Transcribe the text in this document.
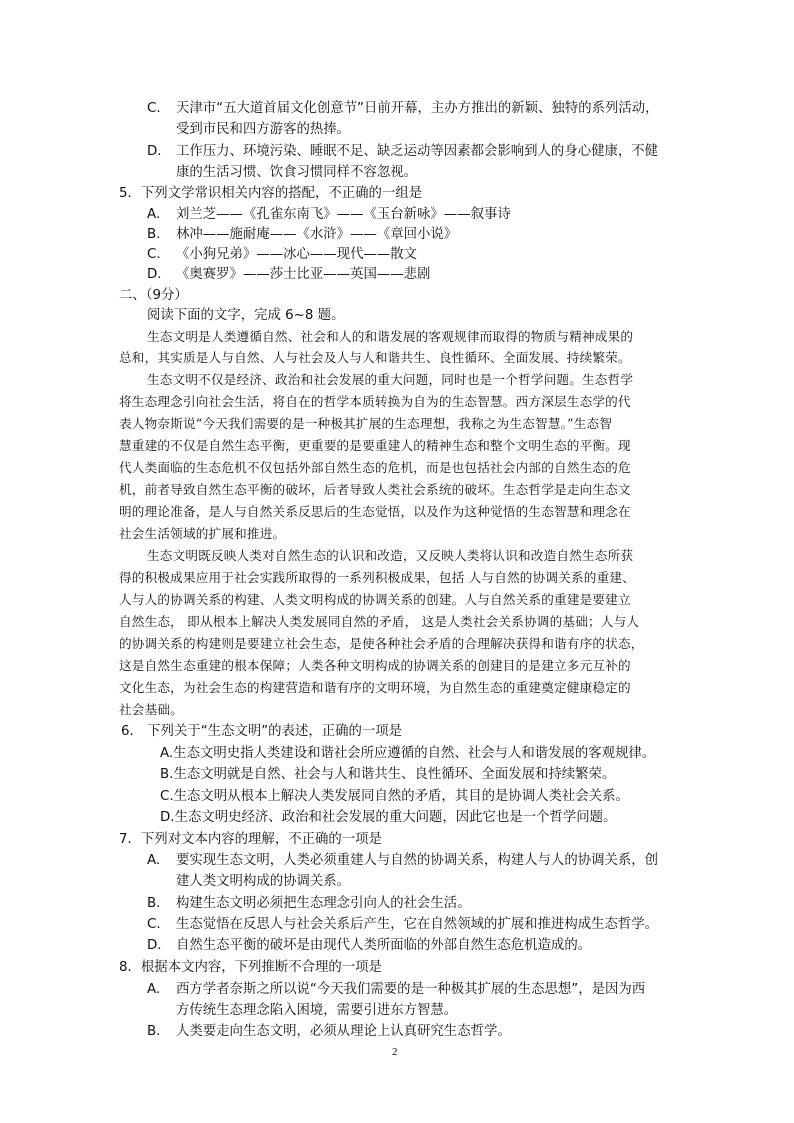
C. 天津市“五大道首届文化创意节”日前开幕，主办方推出的新颖、独特的系列活动，
受到市民和四方游客的热捧。
D. 工作压力、环境污染、睡眠不足、缺乏运动等因素都会影响到人的身心健康，不健
康的生活习惯、饮食习惯同样不容忽视。
5．下列文学常识相关内容的搭配，不正确的一组是
A. 刘兰芝——《孔雀东南飞》——《玉台新咏》——叙事诗
B. 林冲——施耐庵——《水浒》——《章回小说》
C. 《小狗兄弟》——冰心——现代——散文
D. 《奥赛罗》——莎士比亚——英国——悲剧
二、（9分）
阅读下面的文字，完成 6~8 题。
生态文明是人类遵循自然、社会和人的和谐发展的客观规律而取得的物质与精神成果的
总和，其实质是人与自然、人与社会及人与人和谐共生、良性循环、全面发展、持续繁荣。
生态文明不仅是经济、政治和社会发展的重大问题，同时也是一个哲学问题。生态哲学
将生态理念引向社会生活，将自在的哲学本质转换为自为的生态智慧。西方深层生态学的代
表人物奈斯说“今天我们需要的是一种极其扩展的生态理想，我称之为生态智慧。”生态智
慧重建的不仅是自然生态平衡，更重要的是要重建人的精神生态和整个文明生态的平衡。现
代人类面临的生态危机不仅包括外部自然生态的危机，而是也包括社会内部的自然生态的危
机，前者导致自然生态平衡的破坏，后者导致人类社会系统的破坏。生态哲学是走向生态文
明的理论准备，是人与自然关系反思后的生态觉悟，以及作为这种觉悟的生态智慧和理念在
社会生活领域的扩展和推进。
生态文明既反映人类对自然生态的认识和改造，又反映人类将认识和改造自然生态所获
得的积极成果应用于社会实践所取得的一系列积极成果，包括 人与自然的协调关系的重建、
人与人的协调关系的构建、人类文明构成的协调关系的创建。人与自然关系的重建是要建立
自然生态， 即从根本上解决人类发展同自然的矛盾， 这是人类社会关系协调的基础；人与人
的协调关系的构建则是要建立社会生态，是使各种社会矛盾的合理解决获得和谐有序的状态，
这是自然生态重建的根本保障；人类各种文明构成的协调关系的创建目的是建立多元互补的
文化生态，为社会生态的构建营造和谐有序的文明环境，为自然生态的重建奠定健康稳定的
社会基础。
6． 下列关于“生态文明”的表述，正确的一项是
A.生态文明史指人类建设和谐社会所应遵循的自然、社会与人和谐发展的客观规律。
B.生态文明就是自然、社会与人和谐共生、良性循环、全面发展和持续繁荣。
C.生态文明从根本上解决人类发展同自然的矛盾，其目的是协调人类社会关系。
D.生态文明史经济、政治和社会发展的重大问题，因此它也是一个哲学问题。
7．下列对文本内容的理解，不正确的一项是
A. 要实现生态文明，人类必须重建人与自然的协调关系，构建人与人的协调关系，创
建人类文明构成的协调关系。
B. 构建生态文明必须把生态理念引向人的社会生活。
C. 生态觉悟在反思人与社会关系后产生，它在自然领域的扩展和推进构成生态哲学。
D. 自然生态平衡的破坏是由现代人类所面临的外部自然生态危机造成的。
8．根据本文内容，下列推断不合理的一项是
A. 西方学者奈斯之所以说“今天我们需要的是一种极其扩展的生态思想”，是因为西
方传统生态理念陷入困境，需要引进东方智慧。
B. 人类要走向生态文明，必须从理论上认真研究生态哲学。
2
